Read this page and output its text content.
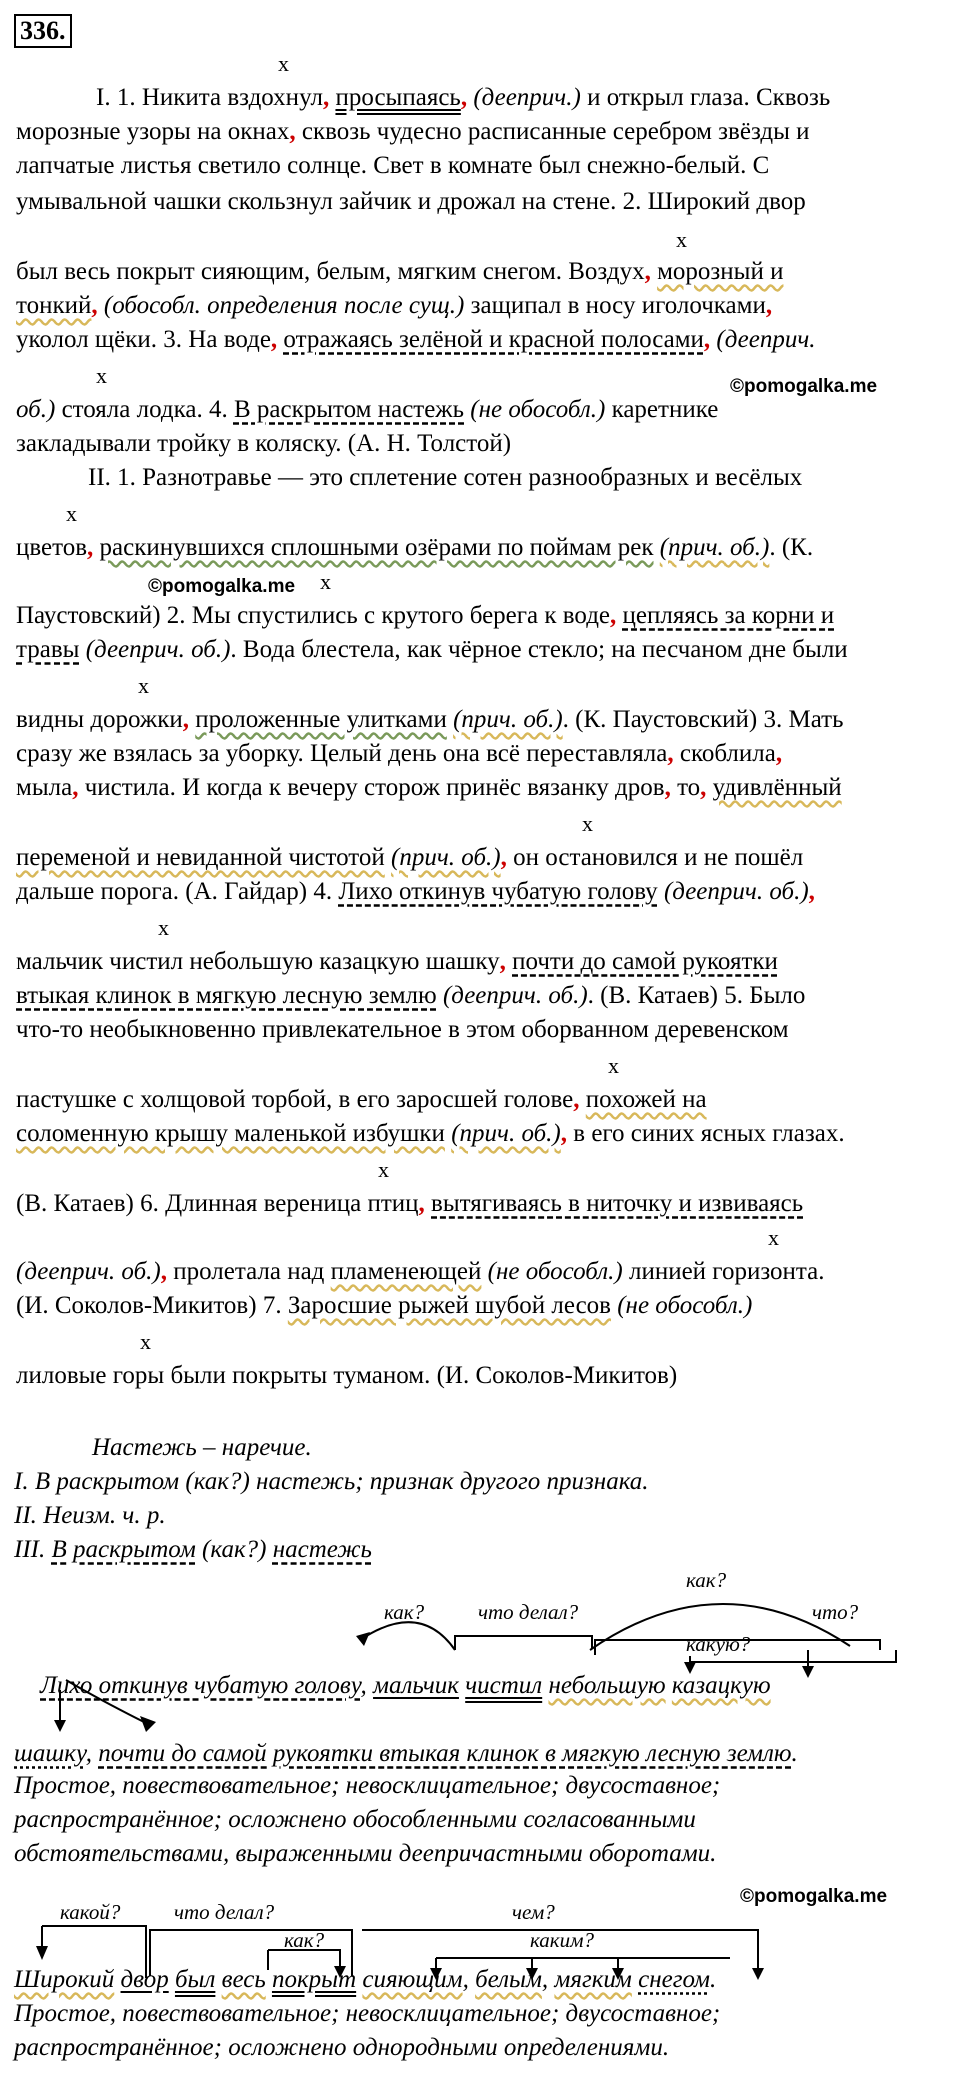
336.
x
x
x
x
x
x
x
x
x
x
x
x
©pomogalka.me
©pomogalka.me
©pomogalka.me
I. 1. Никита вздохнул, просыпаясь, (дееприч.) и открыл глаза. Сквозь
морозные узоры на окнах, сквозь чудесно расписанные серебром звёзды и
лапчатые листья светило солнце. Свет в комнате был снежно-белый. С
умывальной чашки скользнул зайчик и дрожал на стене. 2. Широкий двор
был весь покрыт сияющим, белым, мягким снегом. Воздух, морозный и
тонкий, (обособл. определения после сущ.) защипал в носу иголочками,
уколол щёки. 3. На воде, отражаясь зелёной и красной полосами, (дееприч.
об.) стояла лодка. 4. В раскрытом настежь (не обособл.) каретнике
закладывали тройку в коляску. (А. Н. Толстой)
II. 1. Разнотравье — это сплетение сотен разнообразных и весёлых
цветов, раскинувшихся сплошными озёрами по поймам рек (прич. об.). (К.
Паустовский) 2. Мы спустились с крутого берега к воде, цепляясь за корни и
травы (дееприч. об.). Вода блестела, как чёрное стекло; на песчаном дне были
видны дорожки, проложенные улитками (прич. об.). (К. Паустовский) 3. Мать
сразу же взялась за уборку. Целый день она всё переставляла, скоблила,
мыла, чистила. И когда к вечеру сторож принёс вязанку дров, то, удивлённый
переменой и невиданной чистотой (прич. об.), он остановился и не пошёл
дальше порога. (А. Гайдар) 4. Лихо откинув чубатую голову (дееприч. об.),
мальчик чистил небольшую казацкую шашку, почти до самой рукоятки
втыкая клинок в мягкую лесную землю (дееприч. об.). (В. Катаев) 5. Было
что-то необыкновенно привлекательное в этом оборванном деревенском
пастушке с холщовой торбой, в его заросшей голове, похожей на
соломенную крышу маленькой избушки (прич. об.), в его синих ясных глазах.
(В. Катаев) 6. Длинная вереница птиц, вытягиваясь в ниточку и извиваясь
(дееприч. об.), пролетала над пламенеющей (не обособл.) линией горизонта.
(И. Соколов-Микитов) 7. Заросшие рыжей шубой лесов (не обособл.)
лиловые горы были покрыты туманом. (И. Соколов-Микитов)
Настежь – наречие.
I. В раскрытом (как?) настежь; признак другого признака.
II. Неизм. ч. р.
III. В раскрытом (как?) настежь
как?	что делал?
как?
что?
какую?
Лихо откинув чубатую голову, мальчик чистил небольшую казацкую
шашку, почти до самой рукоятки втыкая клинок в мягкую лесную землю.
Простое, повествовательное; невосклицательное; двусоставное;
распространённое; осложнено обособленными согласованными
обстоятельствами, выраженными деепричастными оборотами.
какой?	что делал?	чем?
как?	каким?
Широкий двор был весь покрыт сияющим, белым, мягким снегом.
Простое, повествовательное; невосклицательное; двусоставное;
распространённое; осложнено однородными определениями.
